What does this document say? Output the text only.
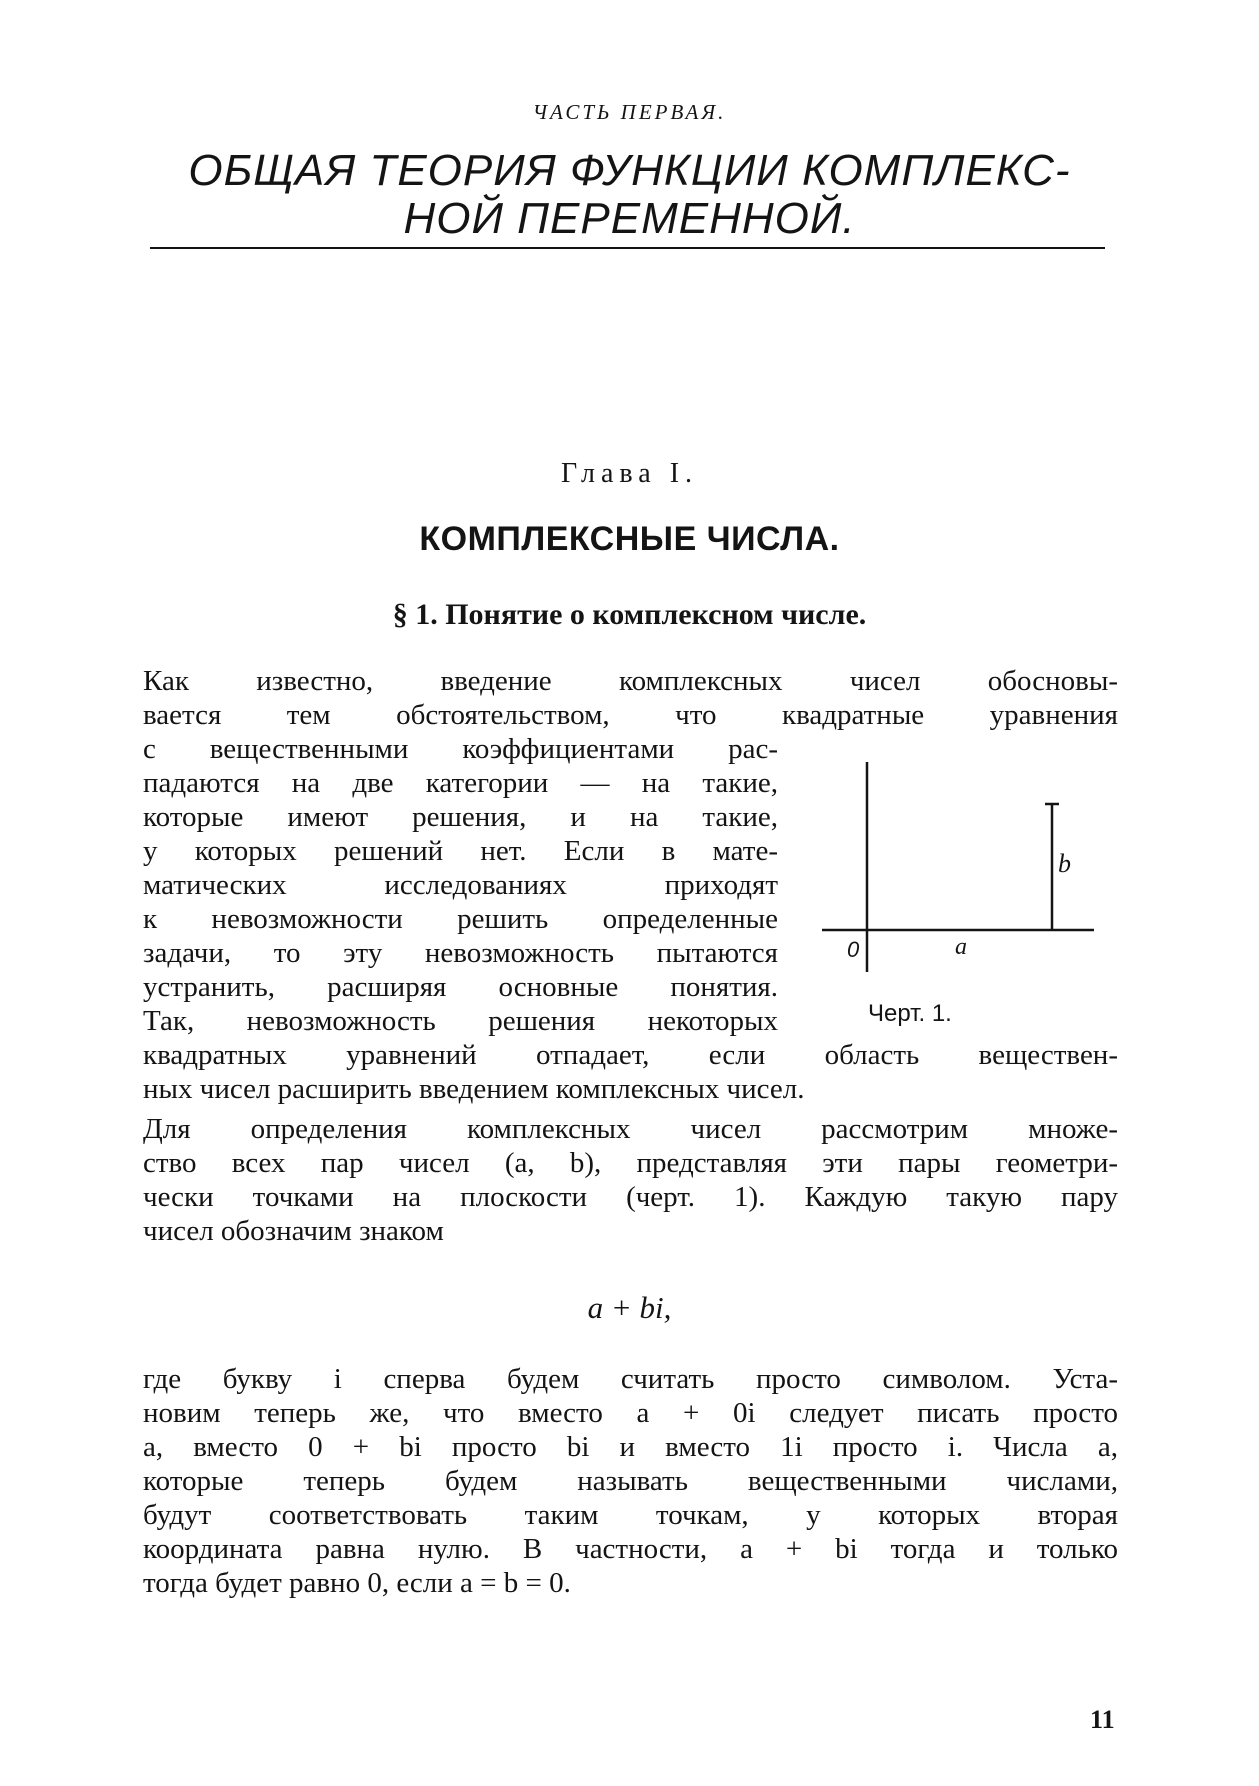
ЧАСТЬ ПЕРВАЯ.
ОБЩАЯ ТЕОРИЯ ФУНКЦИИ КОМПЛЕКС-
НОЙ ПЕРЕМЕННОЙ.
Глава I.
КОМПЛЕКСНЫЕ ЧИСЛА.
§ 1. Понятие о комплексном числе.
Как известно, введение комплексных чисел обосновы-
вается тем обстоятельством, что квадратные уравнения
с вещественными коэффициентами рас-
падаются на две категории — на такие,
которые имеют решения, и на такие,
у которых решений нет. Если в мате-
матических исследованиях приходят
к невозможности решить определенные
задачи, то эту невозможность пытаются
устранить, расширяя основные понятия.
Так, невозможность решения некоторых
квадратных уравнений отпадает, если область веществен-
ных чисел расширить введением комплексных чисел.
0	a
b
Черт. 1.
Для определения комплексных чисел рассмотрим множе-
ство всех пар чисел (a, b), представляя эти пары геометри-
чески точками на плоскости (черт. 1). Каждую такую пару
чисел обозначим знаком
a + bi,
где букву i сперва будем считать просто символом. Уста-
новим теперь же, что вместо a + 0i следует писать просто
a, вместо 0 + bi просто bi и вместо 1i просто i. Числа a,
которые теперь будем называть вещественными числами,
будут соответствовать таким точкам, у которых вторая
координата равна нулю. В частности, a + bi тогда и только
тогда будет равно 0, если a = b = 0.
11
